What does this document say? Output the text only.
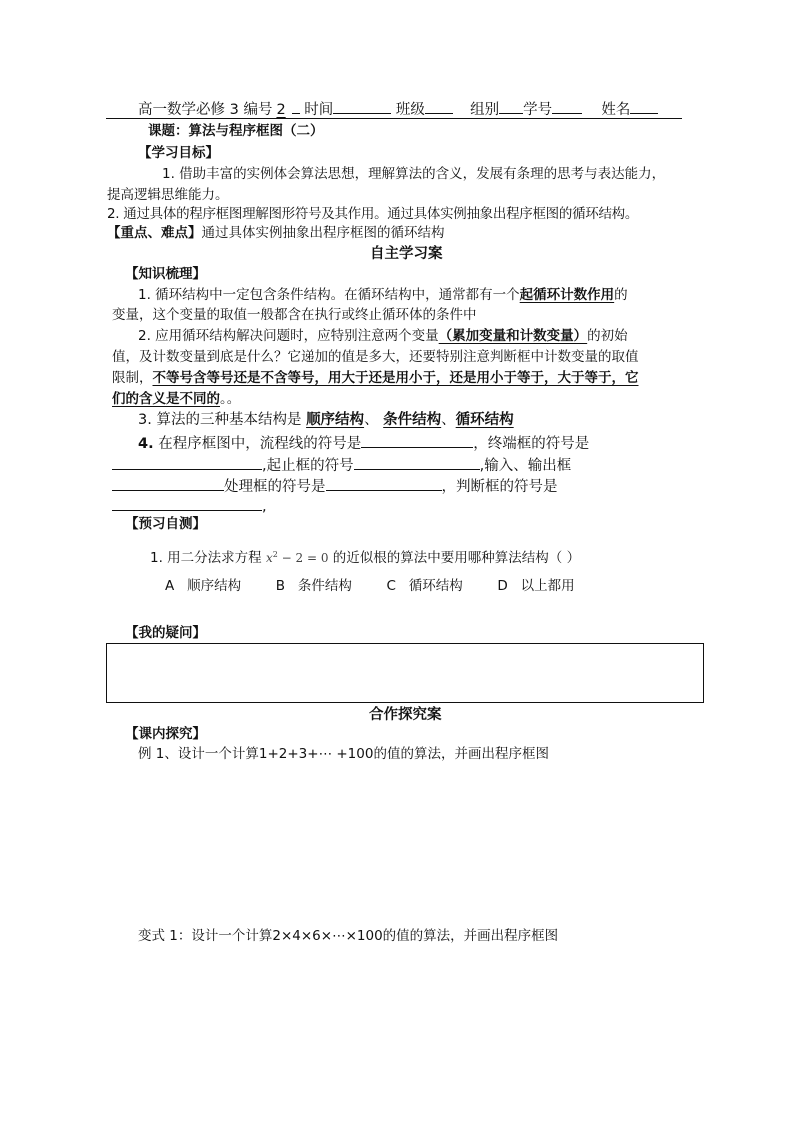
高一数学必修 3 编号 2 时间	班级	组别 学号	姓名
课题：算法与程序框图（二）
【学习目标】
1. 借助丰富的实例体会算法思想，理解算法的含义，发展有条理的思考与表达能力，
提高逻辑思维能力。
2. 通过具体的程序框图理解图形符号及其作用。通过具体实例抽象出程序框图的循环结构。
【重点、难点】通过具体实例抽象出程序框图的循环结构
自主学习案
【知识梳理】
1. 循环结构中一定包含条件结构。在循环结构中，通常都有一个起循环计数作用的
变量，这个变量的取值一般都含在执行或终止循环体的条件中
2. 应用循环结构解决问题时，应特别注意两个变量（累加变量和计数变量）的初始
值，及计数变量到底是什么？它递加的值是多大，还要特别注意判断框中计数变量的取值
限制，不等号含等号还是不含等号，用大于还是用小于，还是用小于等于，大于等于，它
们的含义是不同的。。
3. 算法的三种基本结构是 顺序结构、 条件结构、循环结构
4. 在程序框图中，流程线的符号是	，终端框的符号是
,起止框的符号	,输入、输出框
处理框的符号是	，判断框的符号是
,
【预习自测】
1. 用二分法求方程 $x^2 - 2 = 0$ 的近似根的算法中要用哪种算法结构（ ）
A 顺序结构	B 条件结构	C 循环结构	D 以上都用
【我的疑问】
合作探究案
【课内探究】
例 1、设计一个计算1+2+3+⋯ +100的值的算法，并画出程序框图
变式 1：设计一个计算2×4×6×⋯×100的值的算法，并画出程序框图
